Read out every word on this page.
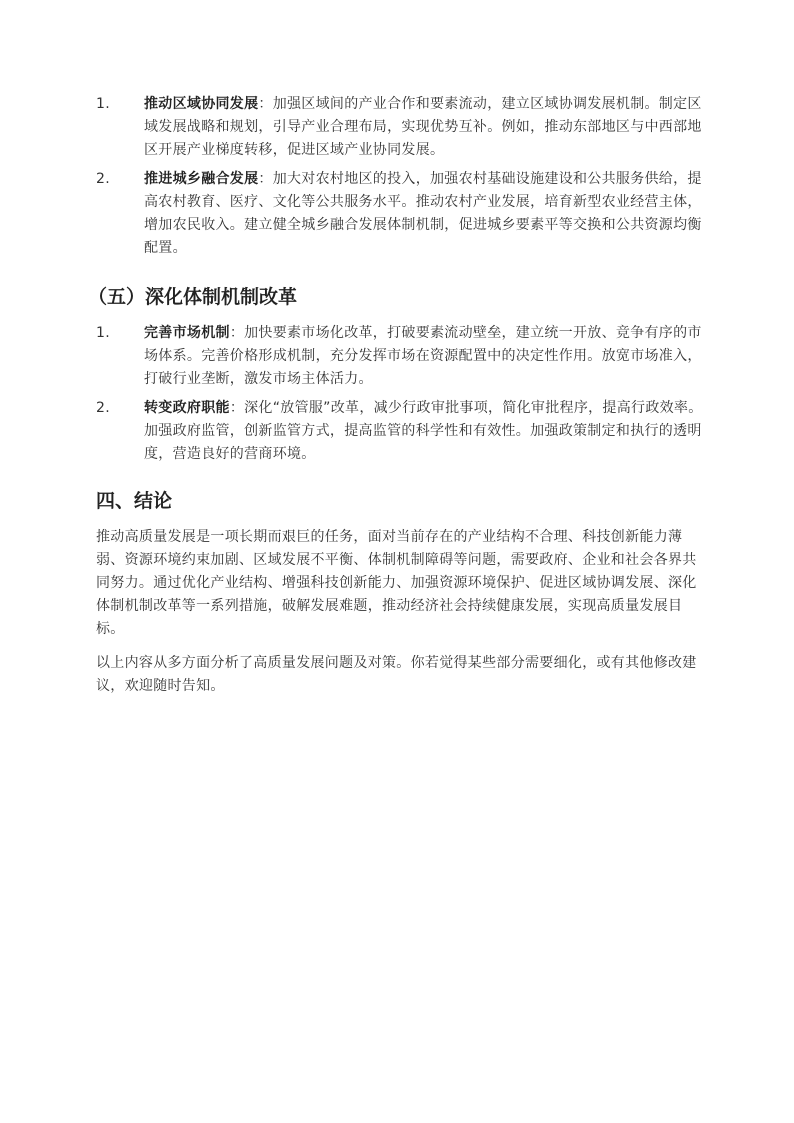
1.	推动区域协同发展：加强区域间的产业合作和要素流动，建立区域协调发展机制。制定区域发展战略和规划，引导产业合理布局，实现优势互补。例如，推动东部地区与中西部地区开展产业梯度转移，促进区域产业协同发展。
2.	推进城乡融合发展：加大对农村地区的投入，加强农村基础设施建设和公共服务供给，提高农村教育、医疗、文化等公共服务水平。推动农村产业发展，培育新型农业经营主体，增加农民收入。建立健全城乡融合发展体制机制，促进城乡要素平等交换和公共资源均衡配置。
（五）深化体制机制改革
1.	完善市场机制：加快要素市场化改革，打破要素流动壁垒，建立统一开放、竞争有序的市场体系。完善价格形成机制，充分发挥市场在资源配置中的决定性作用。放宽市场准入，打破行业垄断，激发市场主体活力。
2.	转变政府职能：深化“放管服”改革，减少行政审批事项，简化审批程序，提高行政效率。加强政府监管，创新监管方式，提高监管的科学性和有效性。加强政策制定和执行的透明度，营造良好的营商环境。
四、结论

推动高质量发展是一项长期而艰巨的任务，面对当前存在的产业结构不合理、科技创新能力薄弱、资源环境约束加剧、区域发展不平衡、体制机制障碍等问题，需要政府、企业和社会各界共同努力。通过优化产业结构、增强科技创新能力、加强资源环境保护、促进区域协调发展、深化体制机制改革等一系列措施，破解发展难题，推动经济社会持续健康发展，实现高质量发展目标。

以上内容从多方面分析了高质量发展问题及对策。你若觉得某些部分需要细化，或有其他修改建议，欢迎随时告知。
